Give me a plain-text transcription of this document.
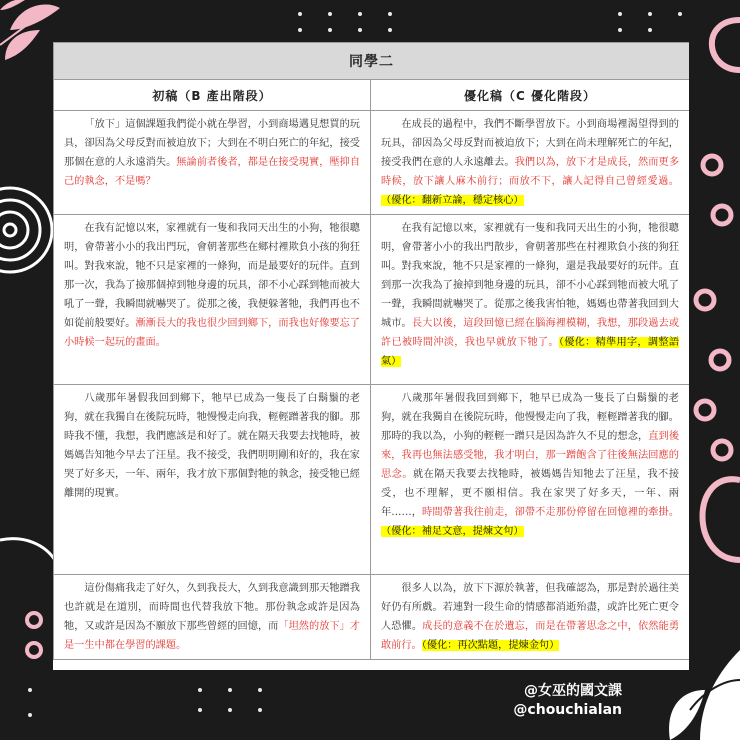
同學二	
初稿（B 產出階段）	優化稿（C 優化階段）

「放下」這個課題我們從小就在學習，小到商場邁見想買的玩具，卻因為父母反對而被迫放下；大到在不明白死亡的年紀，接受那個在意的人永遠消失。無論前者後者，都是在接受現實，壓抑自己的執念，不是嗎？	在成長的過程中，我們不斷學習放下。小到商場裡渴望得到的玩具，卻因為父母反對而被迫放下；大到在尚未理解死亡的年紀，接受我們在意的人永遠離去。我們以為，放下才是成長，然而更多時候，放下讓人麻木前行；而放不下，讓人記得自己曾經愛過。（優化：翻新立論，穩定核心）

在我有記憶以來，家裡就有一隻和我同天出生的小狗，牠很聰明，會帶著小小的我出門玩，會朝著那些在鄉村裡欺負小孩的狗狂叫。對我來說，牠不只是家裡的一條狗，而是最要好的玩伴。直到那一次，我為了撿那個掉到牠身邊的玩具，卻不小心踩到牠而被大吼了一聲，我瞬間就嚇哭了。從那之後，我便躲著牠，我們再也不如從前般要好。漸漸長大的我也很少回到鄉下，而我也好像要忘了小時候一起玩的畫面。	在我有記憶以來，家裡就有一隻和我同天出生的小狗，牠很聰明，會帶著小小的我出門散步，會朝著那些在村裡欺負小孩的狗狂叫。對我來說，牠不只是家裡的一條狗，還是我最要好的玩伴。直到那一次我為了撿掉到牠身邊的玩具，卻不小心踩到牠而被大吼了一聲，我瞬間就嚇哭了。從那之後我害怕牠，媽媽也帶著我回到大城市。長大以後，這段回憶已經在腦海裡模糊，我想，那段過去或許已被時間沖淡，我也早就放下牠了。（優化：精準用字，調整語氣）

八歲那年暑假我回到鄉下，牠早已成為一隻長了白鬍鬚的老狗，就在我獨自在後院玩時，牠慢慢走向我，輕輕蹭著我的腳。那時我不懂，我想，我們應該是和好了。就在隔天我要去找牠時，被媽媽告知牠今早去了汪星。我不接受，我們明明剛和好的，我在家哭了好多天，一年、兩年，我才放下那個對牠的執念，接受牠已經離開的現實。	八歲那年暑假我回到鄉下，牠早已成為一隻長了白鬍鬚的老狗，就在我獨自在後院玩時，他慢慢走向了我，輕輕蹭著我的腳。那時的我以為，小狗的輕輕一蹭只是因為許久不見的想念，直到後來，我再也無法感受牠，我才明白，那一蹭飽含了往後無法回應的思念。就在隔天我要去找牠時，被媽媽告知牠去了汪星，我不接受，也不理解，更不願相信。我在家哭了好多天，一年、兩年……，時間帶著我往前走，卻帶不走那份停留在回憶裡的牽掛。（優化：補足文意，提煉文句）

這份傷痛我走了好久，久到我長大，久到我意識到那天牠蹭我也許就是在道別，而時間也代替我放下牠。那份執念或許是因為牠，又或許是因為不願放下那些曾經的回憶，而「坦然的放下」才是一生中都在學習的課題。	很多人以為，放下下源於執著，但我確認為，那是對於過往美好仍有所戲。若連對一段生命的情感都消逝殆盡，或許比死亡更令人恐懼。成長的意義不在於遺忘，而是在帶著思念之中，依然能勇敢前行。（優化：再次點題，提煉金句）

@女巫的國文課
@chouchialan
